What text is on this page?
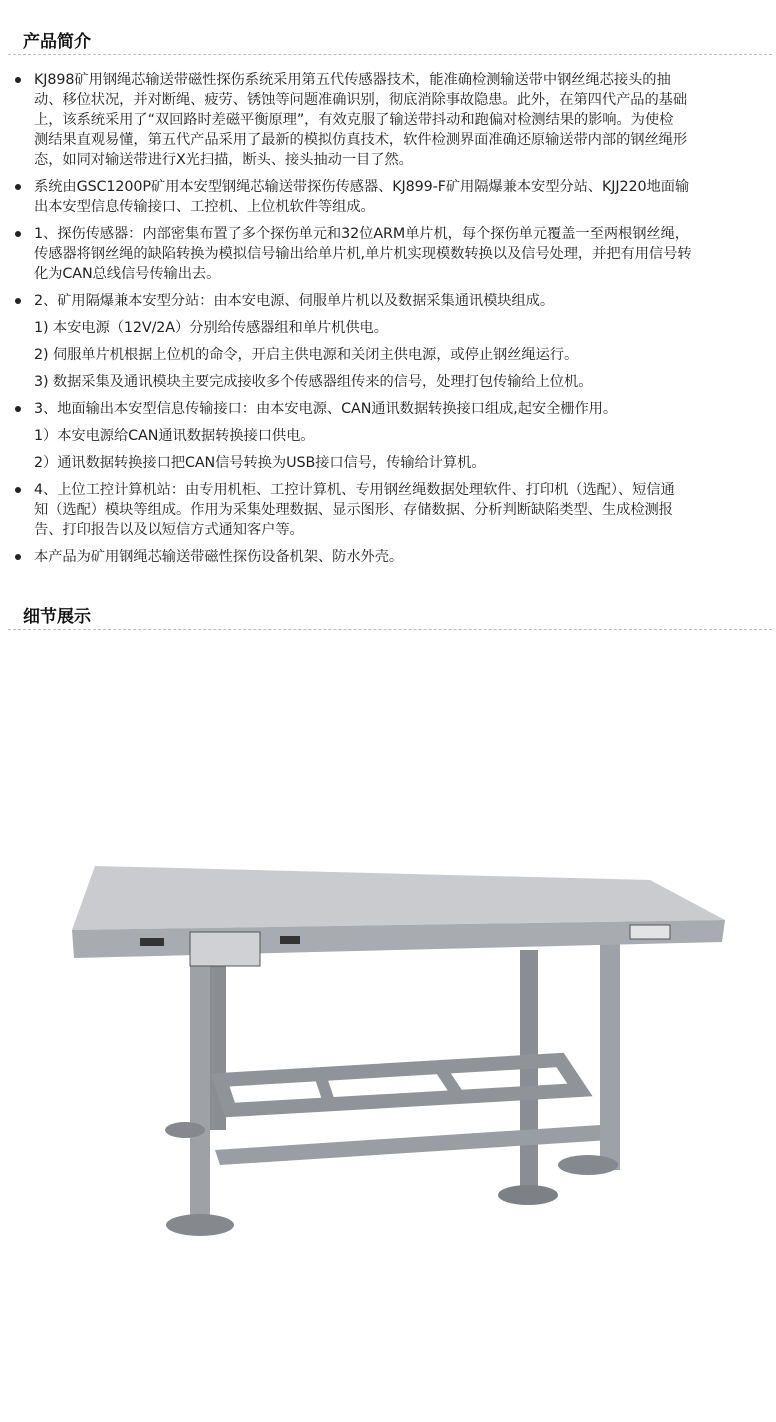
产品简介
KJ898矿用钢绳芯输送带磁性探伤系统采用第五代传感器技术，能准确检测输送带中钢丝绳芯接头的抽
动、移位状况，并对断绳、疲劳、锈蚀等问题准确识别，彻底消除事故隐患。此外，在第四代产品的基础
上，该系统采用了“双回路时差磁平衡原理”，有效克服了输送带抖动和跑偏对检测结果的影响。为使检
测结果直观易懂，第五代产品采用了最新的模拟仿真技术，软件检测界面准确还原输送带内部的钢丝绳形
态，如同对输送带进行X光扫描，断头、接头抽动一目了然。
系统由GSC1200P矿用本安型钢绳芯输送带探伤传感器、KJ899-F矿用隔爆兼本安型分站、KJJ220地面输
出本安型信息传输接口、工控机、上位机软件等组成。
1、探伤传感器：内部密集布置了多个探伤单元和32位ARM单片机，每个探伤单元覆盖一至两根钢丝绳，
传感器将钢丝绳的缺陷转换为模拟信号输出给单片机,单片机实现模数转换以及信号处理，并把有用信号转
化为CAN总线信号传输出去。
2、矿用隔爆兼本安型分站：由本安电源、伺服单片机以及数据采集通讯模块组成。
1) 本安电源（12V/2A）分别给传感器组和单片机供电。
2) 伺服单片机根据上位机的命令，开启主供电源和关闭主供电源，或停止钢丝绳运行。
3) 数据采集及通讯模块主要完成接收多个传感器组传来的信号，处理打包传输给上位机。
3、地面输出本安型信息传输接口：由本安电源、CAN通讯数据转换接口组成,起安全栅作用。
1）本安电源给CAN通讯数据转换接口供电。
2）通讯数据转换接口把CAN信号转换为USB接口信号，传输给计算机。
4、上位工控计算机站：由专用机柜、工控计算机、专用钢丝绳数据处理软件、打印机（选配）、短信通
知（选配）模块等组成。作用为采集处理数据、显示图形、存储数据、分析判断缺陷类型、生成检测报
告、打印报告以及以短信方式通知客户等。
本产品为矿用钢绳芯输送带磁性探伤设备机架、防水外壳。
细节展示
